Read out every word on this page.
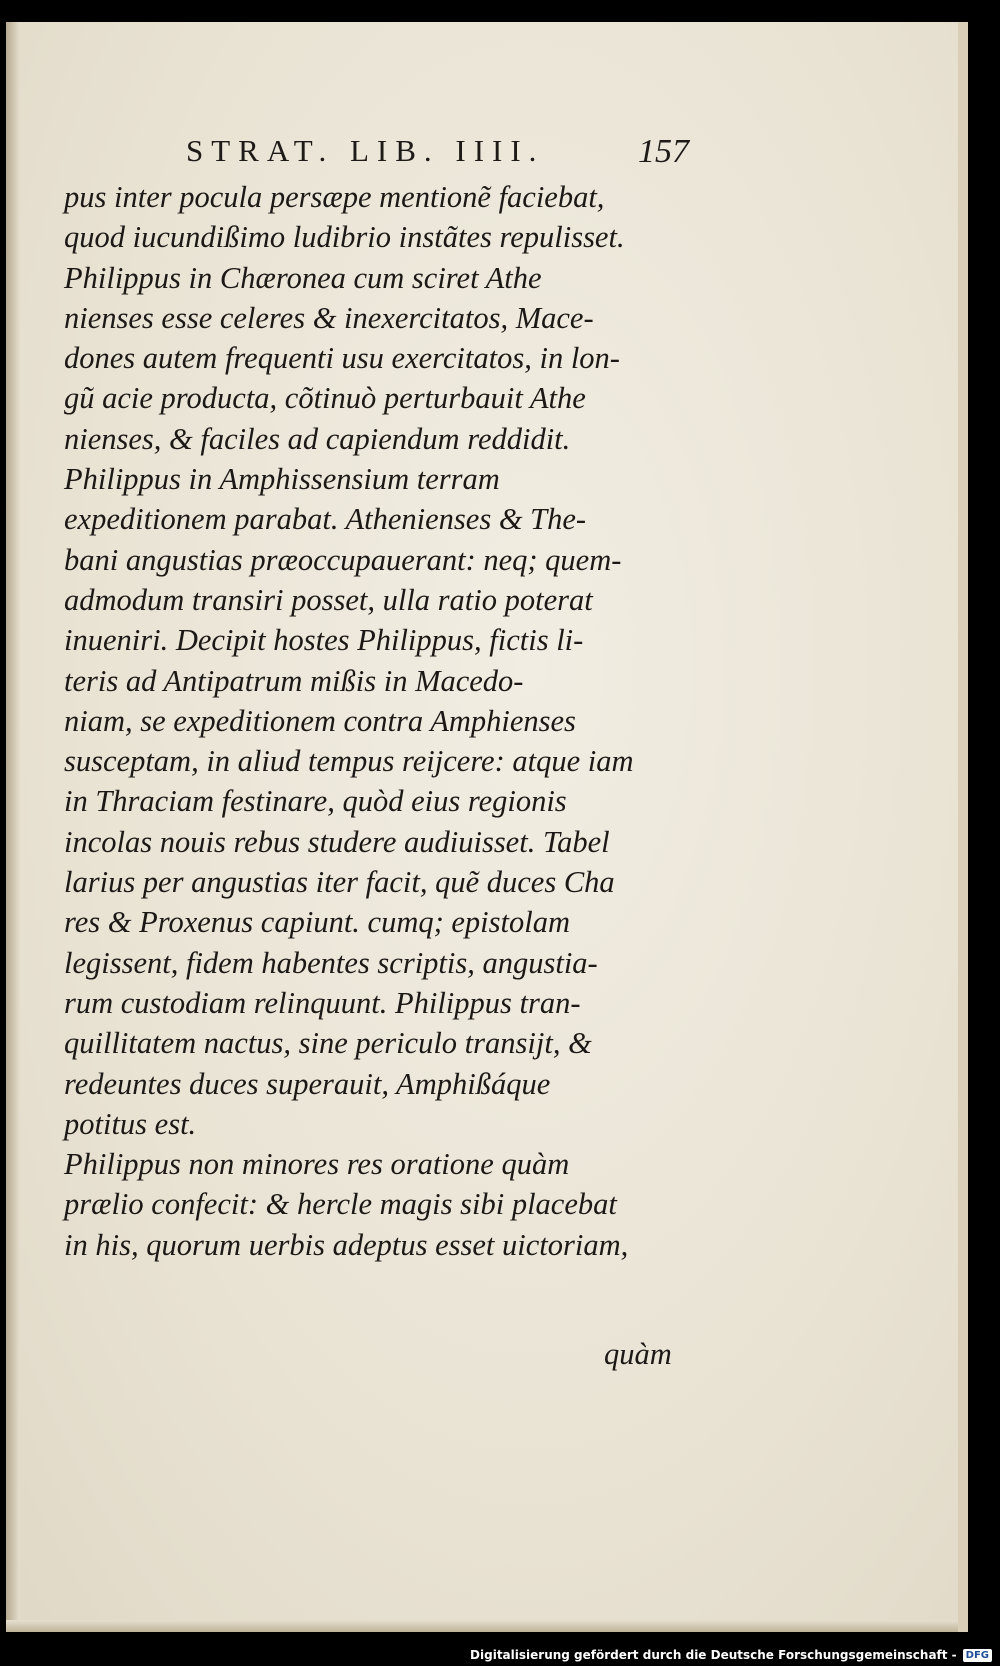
STRAT. LIB. IIII.	157
pus inter pocula persæpe mentionẽ faciebat,
quod iucundißimo ludibrio instãtes repulisset.
Philippus in Chæronea cum sciret Athe
nienses esse celeres & inexercitatos, Mace-
dones autem frequenti usu exercitatos, in lon-
gũ acie producta, cõtinuò perturbauit Athe
nienses, & faciles ad capiendum reddidit.
Philippus in Amphissensium terram
expeditionem parabat. Athenienses & The-
bani angustias præoccupauerant: neq; quem-
admodum transiri posset, ulla ratio poterat
inueniri. Decipit hostes Philippus, fictis li-
teris ad Antipatrum mißis in Macedo-
niam, se expeditionem contra Amphienses
susceptam, in aliud tempus reijcere: atque iam
in Thraciam festinare, quòd eius regionis
incolas nouis rebus studere audiuisset. Tabel
larius per angustias iter facit, quẽ duces Cha
res & Proxenus capiunt. cumq; epistolam
legissent, fidem habentes scriptis, angustia-
rum custodiam relinquunt. Philippus tran-
quillitatem nactus, sine periculo transijt, &
redeuntes duces superauit, Amphißáque
potitus est.
Philippus non minores res oratione quàm
prælio confecit: & hercle magis sibi placebat
in his, quorum uerbis adeptus esset uictoriam,
quàm
Digitalisierung gefördert durch die Deutsche Forschungsgemeinschaft - DFG
